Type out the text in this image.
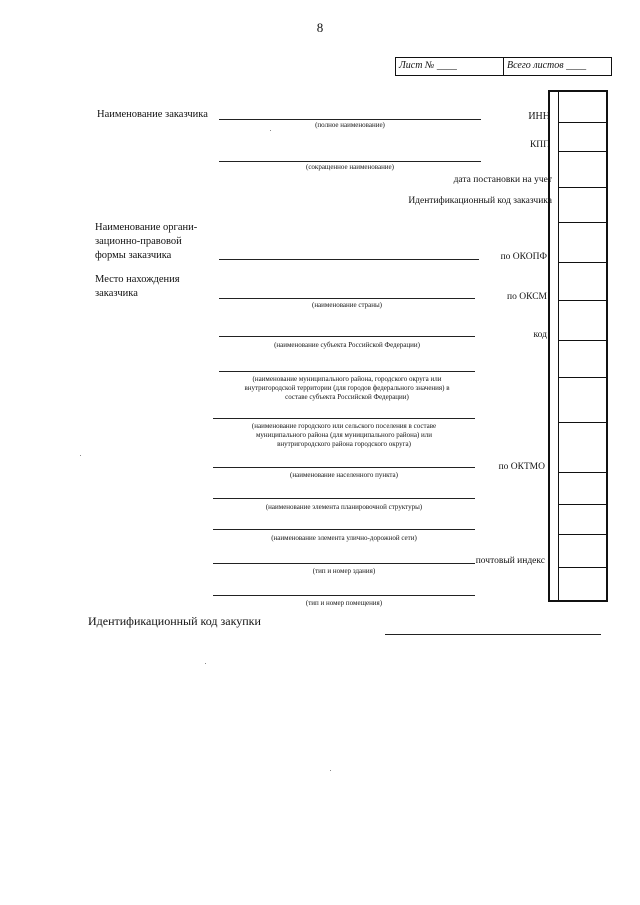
8
Лист № ____	Всего листов ____
Наименование заказчика
Наименование органи-
зационно-правовой
формы заказчика
Место нахождения
заказчика
(полное наименование)
(сокращенное наименование)
(наименование страны)
(наименование субъекта Российской Федерации)
(наименование муниципального района, городского округа или
внутригородской территории (для городов федерального значения) в
составе субъекта Российской Федерации)
(наименование городского или сельского поселения в составе
муниципального района (для муниципального района) или
внутригородского района городского округа)
(наименование населенного пункта)
(наименование элемента планировочной структуры)
(наименование элемента улично-дорожной сети)
(тип и номер здания)
(тип и номер помещения)
ИНН
дата постановки на учет
Идентификационный код заказчика
по ОКОПФ
по ОКСМ
код
по ОКТМО
почтовый индекс
КПП
Идентификационный код закупки
